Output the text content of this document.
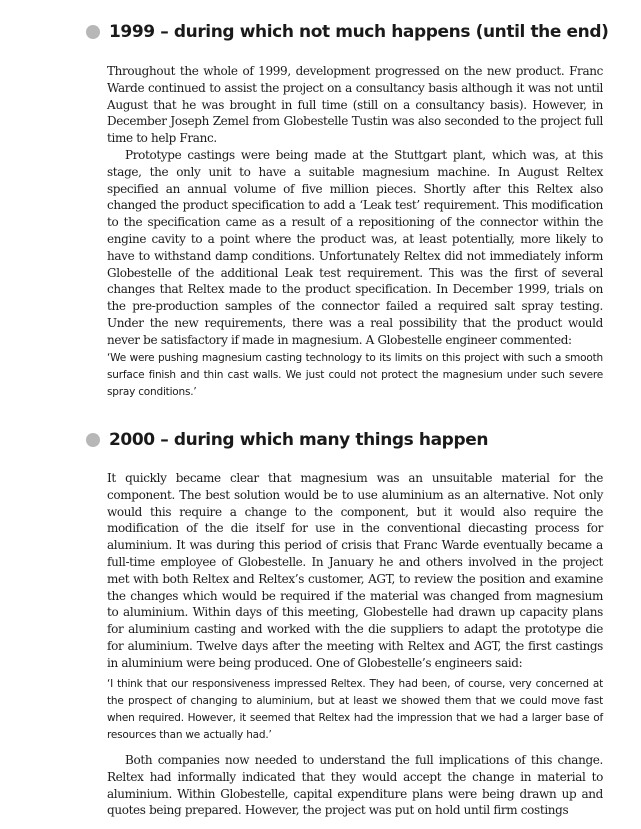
1999 – during which not much happens (until the end)

Throughout the whole of 1999, development progressed on the new product. Franc Warde continued to assist the project on a consultancy basis although it was not until August that he was brought in full time (still on a consultancy basis). However, in December Joseph Zemel from Globestelle Tustin was also seconded to the project full time to help Franc.

Prototype castings were being made at the Stuttgart plant, which was, at this stage, the only unit to have a suitable magnesium machine. In August Reltex specified an annual volume of five million pieces. Shortly after this Reltex also changed the product specification to add a ‘Leak test’ requirement. This modification to the specification came as a result of a repositioning of the connector within the engine cavity to a point where the product was, at least potentially, more likely to have to withstand damp conditions. Unfortunately Reltex did not immediately inform Globestelle of the additional Leak test requirement. This was the first of several changes that Reltex made to the product specification. In December 1999, trials on the pre-production samples of the connector failed a required salt spray testing. Under the new requirements, there was a real possibility that the product would never be satisfactory if made in magnesium. A Globestelle engineer commented:

‘We were pushing magnesium casting technology to its limits on this project with such a smooth surface finish and thin cast walls. We just could not protect the magnesium under such severe spray conditions.’

2000 – during which many things happen

It quickly became clear that magnesium was an unsuitable material for the component. The best solution would be to use aluminium as an alternative. Not only would this require a change to the component, but it would also require the modification of the die itself for use in the conventional diecasting process for aluminium. It was during this period of crisis that Franc Warde eventually became a full-time employee of Globestelle. In January he and others involved in the project met with both Reltex and Reltex’s customer, AGT, to review the position and examine the changes which would be required if the material was changed from magnesium to aluminium. Within days of this meeting, Globestelle had drawn up capacity plans for aluminium casting and worked with the die suppliers to adapt the prototype die for aluminium. Twelve days after the meeting with Reltex and AGT, the first castings in aluminium were being produced. One of Globestelle’s engineers said:

‘I think that our responsiveness impressed Reltex. They had been, of course, very concerned at the prospect of changing to aluminium, but at least we showed them that we could move fast when required. However, it seemed that Reltex had the impression that we had a larger base of resources than we actually had.’

Both companies now needed to understand the full implications of this change. Reltex had informally indicated that they would accept the change in material to aluminium. Within Globestelle, capital expenditure plans were being drawn up and quotes being prepared. However, the project was put on hold until firm costings
